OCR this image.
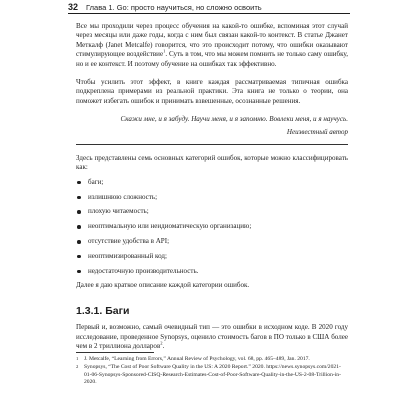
32 Глава 1. Go: просто научиться, но сложно освоить

Все мы проходили через процесс обучения на какой-то ошибке, вспоминая этот случай через месяцы или даже годы, когда с ним был связан какой-то контекст. В статье Джанет Меткалф (Janet Metcalfe) говорится, что это происходит потому, что ошибки оказывают стимулирующее воздействие$^1$. Суть в том, что мы можем помнить не только саму ошибку, но и ее контекст. И поэтому обучение на ошибках так эффективно.

Чтобы усилить этот эффект, в книге каждая рассматриваемая типичная ошибка подкреплена примерами из реальной практики. Эта книга не только о теории, она поможет избегать ошибок и принимать взвешенные, осознанные решения.

Скажи мне, и я забуду. Научи меня, и я запомню. Вовлеки меня, и я научусь.
Неизвестный автор

Здесь представлены семь основных категорий ошибок, которые можно классифицировать как:

баги;
излишнюю сложность;
плохую читаемость;
неоптимальную или неидиоматическую организацию;
отсутствие удобства в API;
неоптимизированный код;
недостаточную производительность.

Далее я даю краткое описание каждой категории ошибок.

1.3.1. Баги

Первый и, возможно, самый очевидный тип — это ошибки в исходном коде. В 2020 году исследование, проведенное Synopsys, оценило стоимость багов в ПО только в США более чем в 2 триллиона долларов$^2$.

1 J. Metcalfe, “Learning from Errors,” Annual Review of Psychology, vol. 68, pp. 465–489, Jan. 2017.
2 Synopsys, “The Cost of Poor Software Quality in the US: A 2020 Report.” 2020. https://news.synopsys.com/2021-01-06-Synopsys-Sponsored-CISQ-Research-Estimates-Cost-of-Poor-Software-Quality-in-the-US-2-08-Trillion-in-2020.
